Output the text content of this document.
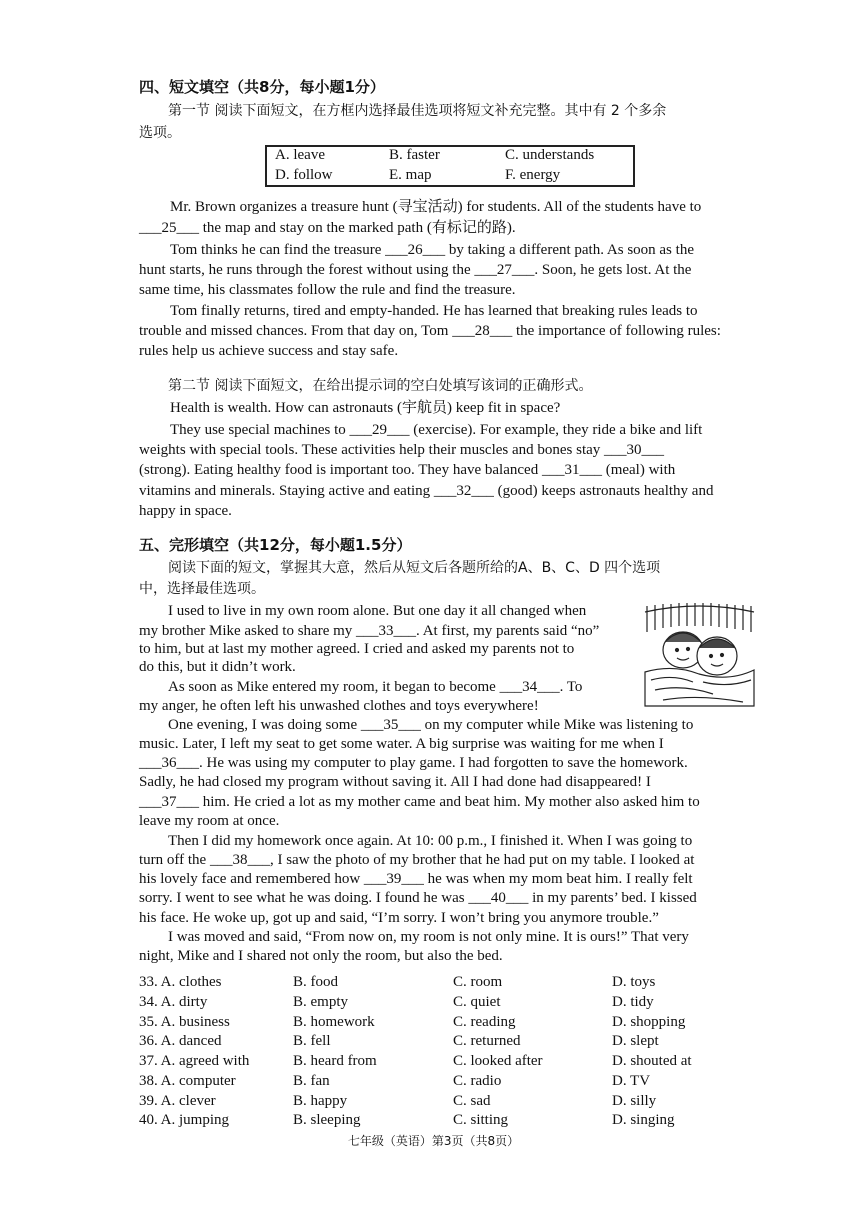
四、短文填空（共8分，每小题1分）
第一节 阅读下面短文，在方框内选择最佳选项将短文补充完整。其中有 2 个多余
选项。
A. leave	B. faster	C. understands
D. follow	E. map	F. energy
Mr. Brown organizes a treasure hunt (寻宝活动) for students. All of the students have to
___25___ the map and stay on the marked path (有标记的路).
Tom thinks he can find the treasure ___26___ by taking a different path. As soon as the
hunt starts, he runs through the forest without using the ___27___. Soon, he gets lost. At the
same time, his classmates follow the rule and find the treasure.
Tom finally returns, tired and empty-handed. He has learned that breaking rules leads to
trouble and missed chances. From that day on, Tom ___28___ the importance of following rules:
rules help us achieve success and stay safe.
第二节 阅读下面短文，在给出提示词的空白处填写该词的正确形式。
Health is wealth. How can astronauts (宇航员) keep fit in space?
They use special machines to ___29___ (exercise). For example, they ride a bike and lift
weights with special tools. These activities help their muscles and bones stay ___30___
(strong). Eating healthy food is important too. They have balanced ___31___ (meal) with
vitamins and minerals. Staying active and eating ___32___ (good) keeps astronauts healthy and
happy in space.
五、完形填空（共12分，每小题1.5分）
阅读下面的短文，掌握其大意，然后从短文后各题所给的A、B、C、D 四个选项
中，选择最佳选项。
I used to live in my own room alone. But one day it all changed when
my brother Mike asked to share my ___33___. At first, my parents said “no”
to him, but at last my mother agreed. I cried and asked my parents not to
do this, but it didn’t work.
As soon as Mike entered my room, it began to become ___34___. To
my anger, he often left his unwashed clothes and toys everywhere!
One evening, I was doing some ___35___ on my computer while Mike was listening to
music. Later, I left my seat to get some water. A big surprise was waiting for me when I
___36___. He was using my computer to play game. I had forgotten to save the homework.
Sadly, he had closed my program without saving it. All I had done had disappeared! I
___37___ him. He cried a lot as my mother came and beat him. My mother also asked him to
leave my room at once.
Then I did my homework once again. At 10: 00 p.m., I finished it. When I was going to
turn off the ___38___, I saw the photo of my brother that he had put on my table. I looked at
his lovely face and remembered how ___39___ he was when my mom beat him. I really felt
sorry. I went to see what he was doing. I found he was ___40___ in my parents’ bed. I kissed
his face. He woke up, got up and said, “I’m sorry. I won’t bring you anymore trouble.”
I was moved and said, “From now on, my room is not only mine. It is ours!” That very
night, Mike and I shared not only the room, but also the bed.
33. A. clothes	B. food	C. room	D. toys
34. A. dirty	B. empty	C. quiet	D. tidy
35. A. business	B. homework	C. reading	D. shopping
36. A. danced	B. fell	C. returned	D. slept
37. A. agreed with	B. heard from	C. looked after	D. shouted at
38. A. computer	B. fan	C. radio	D. TV
39. A. clever	B. happy	C. sad	D. silly
40. A. jumping	B. sleeping	C. sitting	D. singing
七年级（英语）第3页（共8页）
